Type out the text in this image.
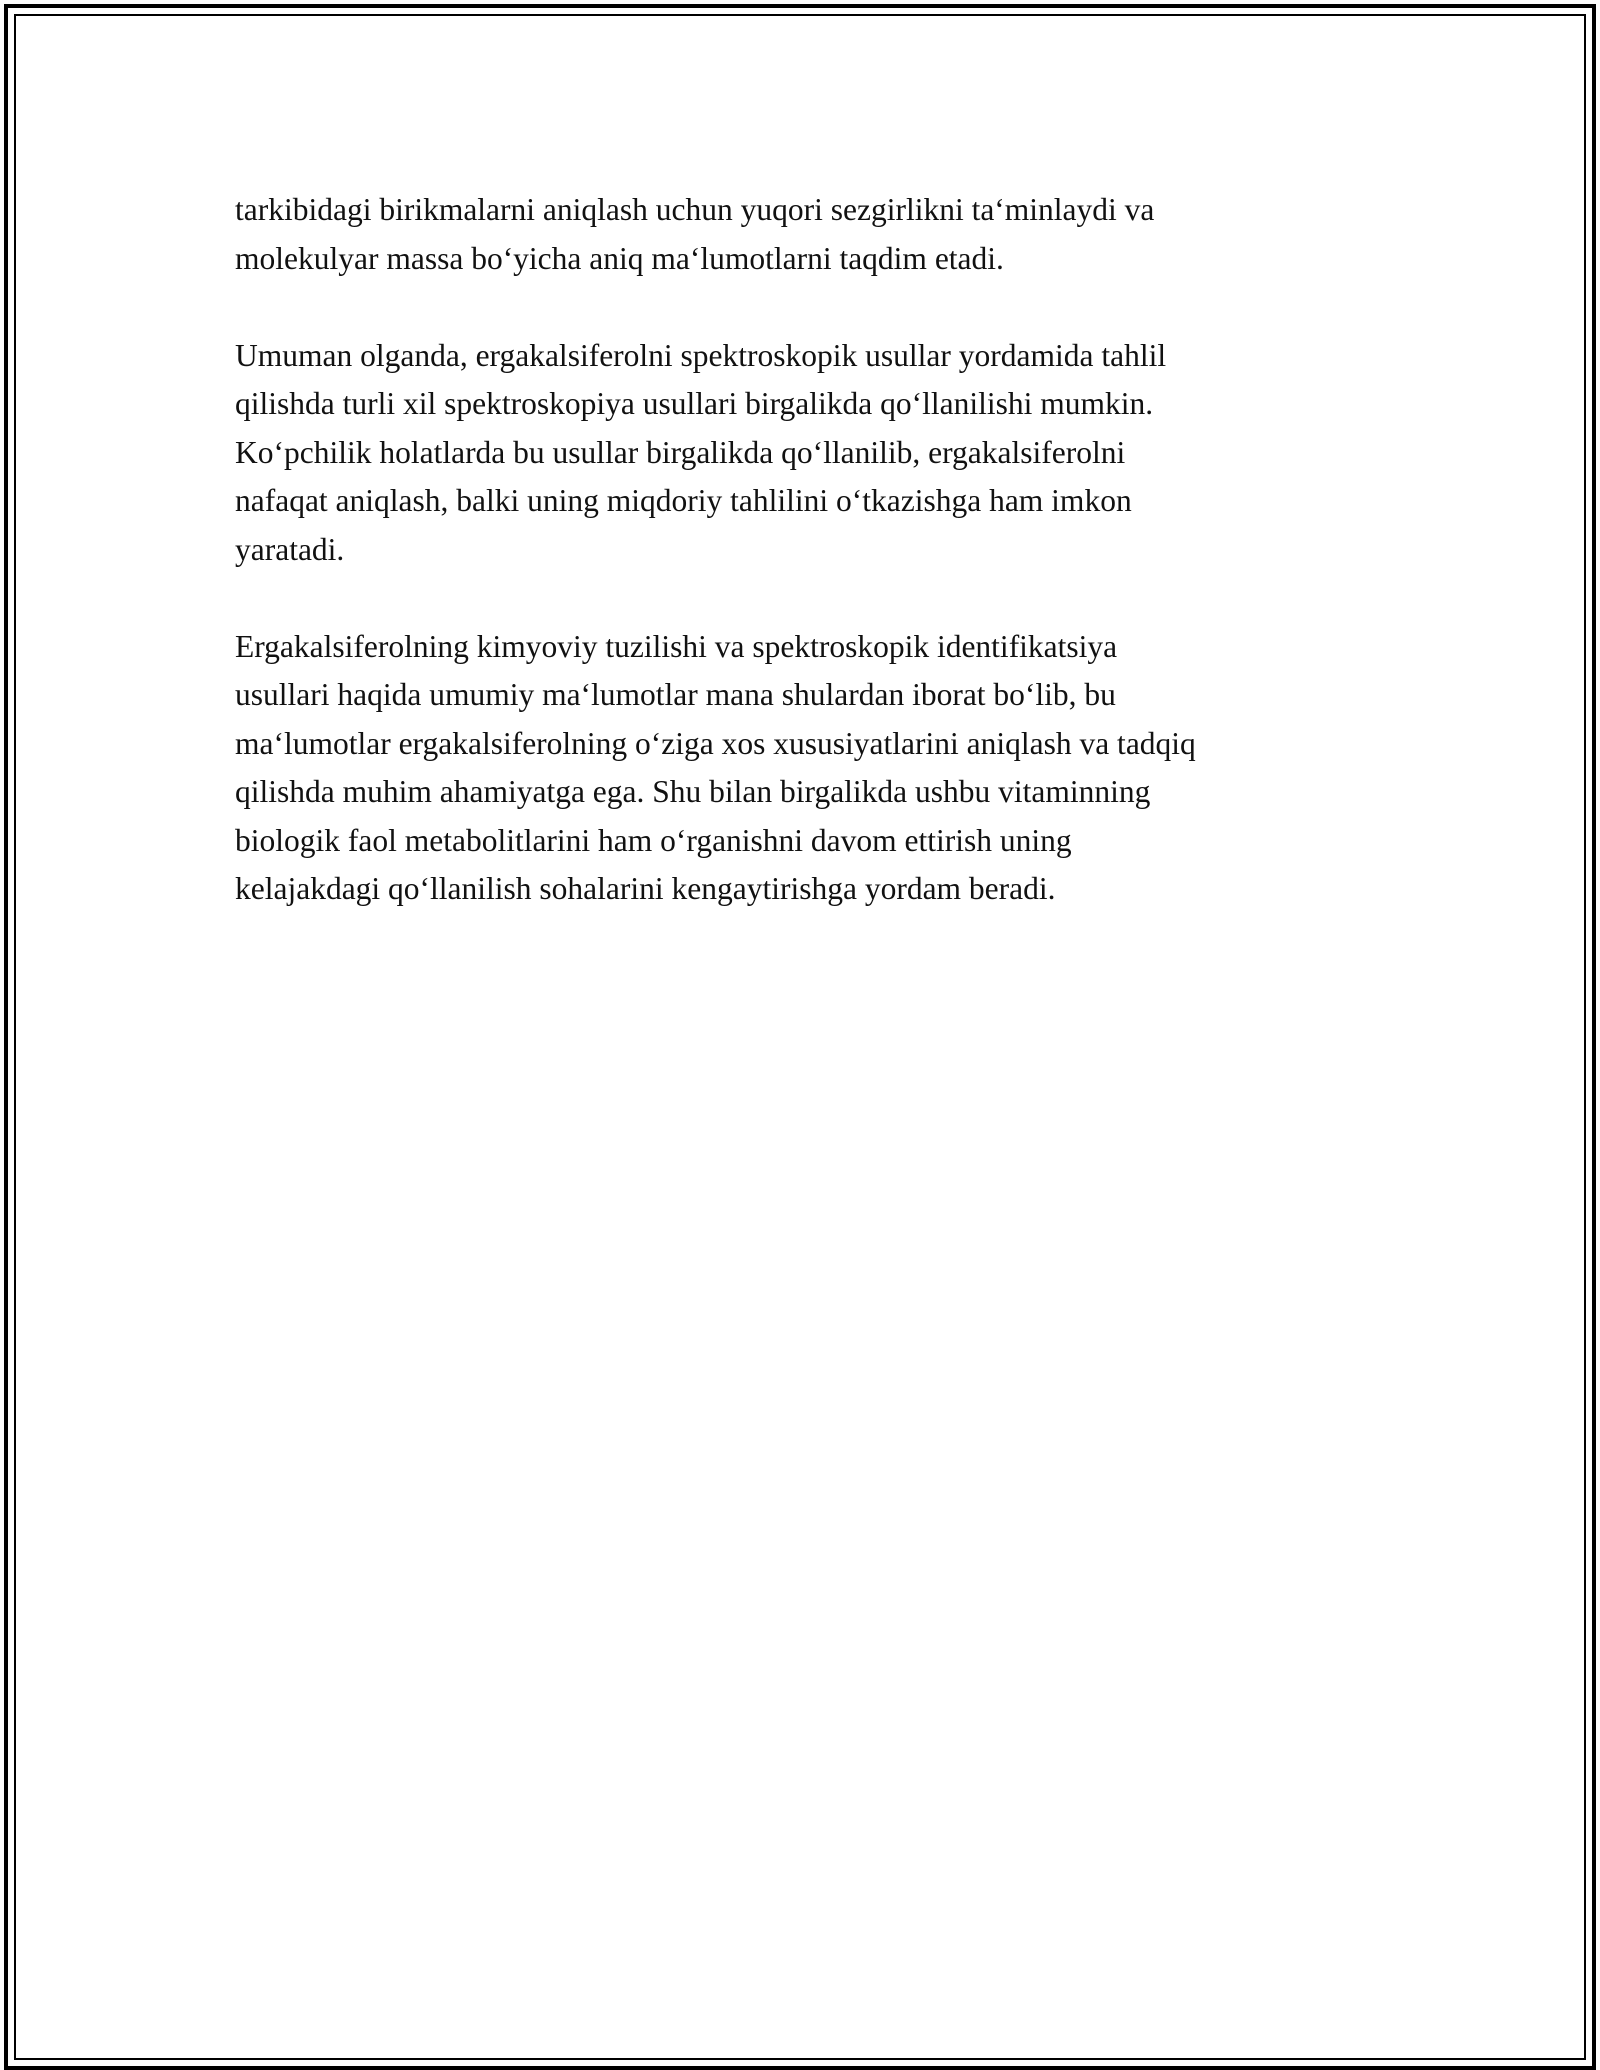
tarkibidagi birikmalarni aniqlash uchun yuqori sezgirlikni ta‘minlaydi va
molekulyar massa bo‘yicha aniq ma‘lumotlarni taqdim etadi.

Umuman olganda, ergakalsiferolni spektroskopik usullar yordamida tahlil
qilishda turli xil spektroskopiya usullari birgalikda qo‘llanilishi mumkin.
Ko‘pchilik holatlarda bu usullar birgalikda qo‘llanilib, ergakalsiferolni
nafaqat aniqlash, balki uning miqdoriy tahlilini o‘tkazishga ham imkon
yaratadi.

Ergakalsiferolning kimyoviy tuzilishi va spektroskopik identifikatsiya
usullari haqida umumiy ma‘lumotlar mana shulardan iborat bo‘lib, bu
ma‘lumotlar ergakalsiferolning o‘ziga xos xususiyatlarini aniqlash va tadqiq
qilishda muhim ahamiyatga ega. Shu bilan birgalikda ushbu vitaminning
biologik faol metabolitlarini ham o‘rganishni davom ettirish uning
kelajakdagi qo‘llanilish sohalarini kengaytirishga yordam beradi.
